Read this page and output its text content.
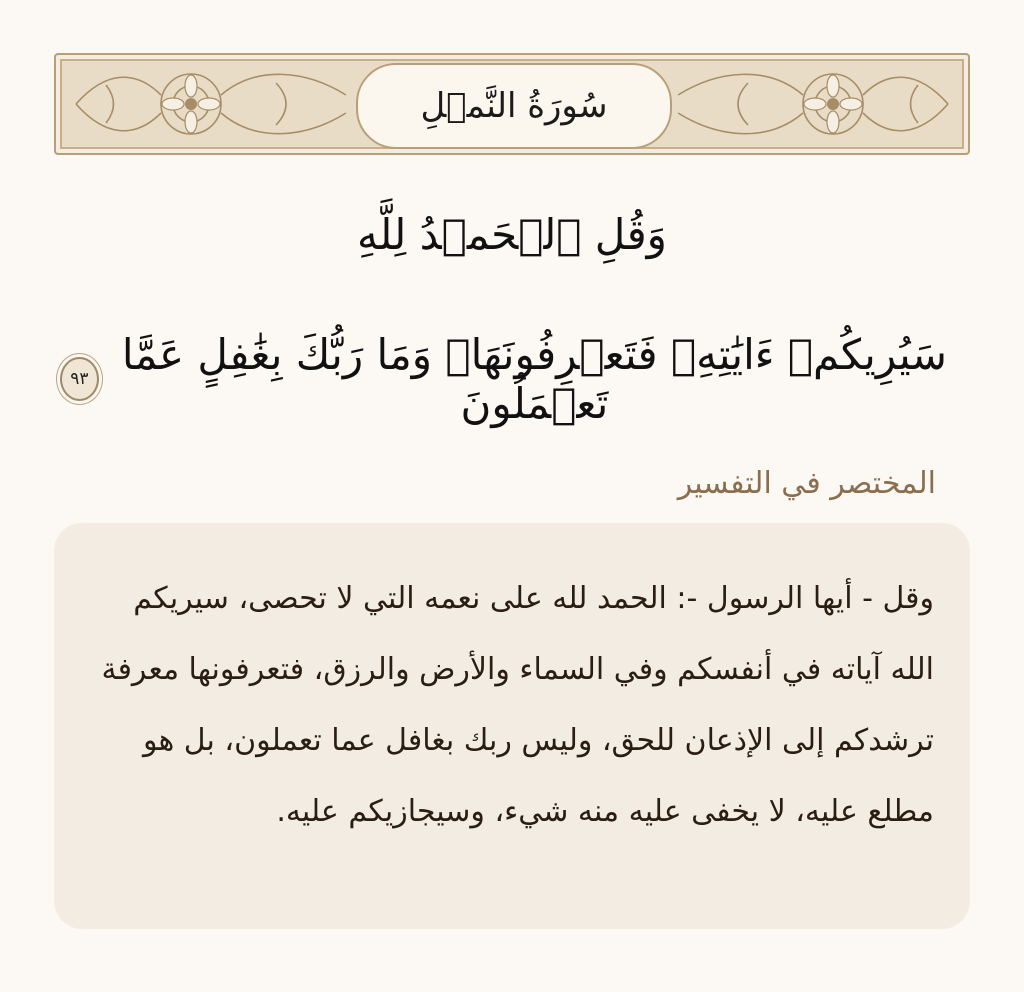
سُورَةُ النَّمۡلِ
وَقُلِ ٱلۡحَمۡدُ لِلَّهِ
سَيُرِيكُمۡ ءَايَٰتِهِۦ فَتَعۡرِفُونَهَاۚ وَمَا رَبُّكَ بِغَٰفِلٍ عَمَّا تَعۡمَلُونَ
٩٣
المختصر في التفسير

وقل - أيها الرسول -: الحمد لله على نعمه التي لا تحصى، سيريكم الله آياته في أنفسكم وفي السماء والأرض والرزق، فتعرفونها معرفة ترشدكم إلى الإذعان للحق، وليس ربك بغافل عما تعملون، بل هو مطلع عليه، لا يخفى عليه منه شيء، وسيجازيكم عليه.
